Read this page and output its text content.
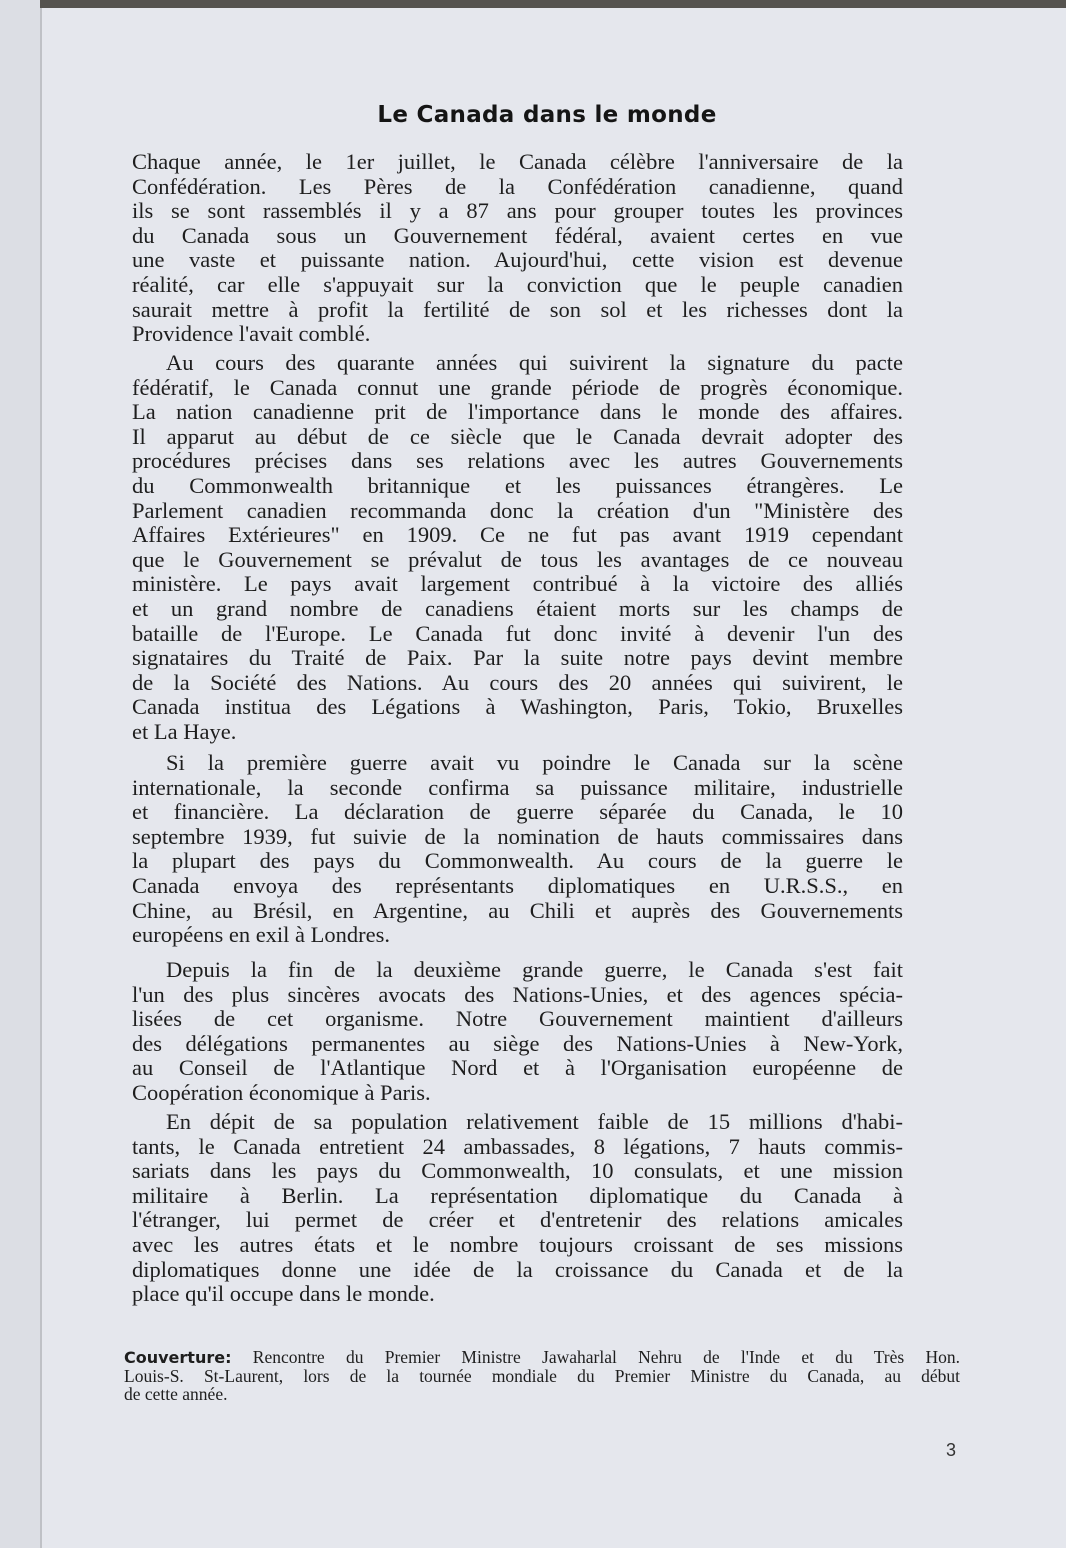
Le Canada dans le monde
Chaque année, le 1er juillet, le Canada célèbre l'anniversaire de la
Confédération. Les Pères de la Confédération canadienne, quand
ils se sont rassemblés il y a 87 ans pour grouper toutes les provinces
du Canada sous un Gouvernement fédéral, avaient certes en vue
une vaste et puissante nation. Aujourd'hui, cette vision est devenue
réalité, car elle s'appuyait sur la conviction que le peuple canadien
saurait mettre à profit la fertilité de son sol et les richesses dont la
Providence l'avait comblé.
Au cours des quarante années qui suivirent la signature du pacte
fédératif, le Canada connut une grande période de progrès économique.
La nation canadienne prit de l'importance dans le monde des affaires.
Il apparut au début de ce siècle que le Canada devrait adopter des
procédures précises dans ses relations avec les autres Gouvernements
du Commonwealth britannique et les puissances étrangères. Le
Parlement canadien recommanda donc la création d'un "Ministère des
Affaires Extérieures" en 1909. Ce ne fut pas avant 1919 cependant
que le Gouvernement se prévalut de tous les avantages de ce nouveau
ministère. Le pays avait largement contribué à la victoire des alliés
et un grand nombre de canadiens étaient morts sur les champs de
bataille de l'Europe. Le Canada fut donc invité à devenir l'un des
signataires du Traité de Paix. Par la suite notre pays devint membre
de la Société des Nations. Au cours des 20 années qui suivirent, le
Canada institua des Légations à Washington, Paris, Tokio, Bruxelles
et La Haye.
Si la première guerre avait vu poindre le Canada sur la scène
internationale, la seconde confirma sa puissance militaire, industrielle
et financière. La déclaration de guerre séparée du Canada, le 10
septembre 1939, fut suivie de la nomination de hauts commissaires dans
la plupart des pays du Commonwealth. Au cours de la guerre le
Canada envoya des représentants diplomatiques en U.R.S.S., en
Chine, au Brésil, en Argentine, au Chili et auprès des Gouvernements
européens en exil à Londres.
Depuis la fin de la deuxième grande guerre, le Canada s'est fait
l'un des plus sincères avocats des Nations-Unies, et des agences spécia-
lisées de cet organisme. Notre Gouvernement maintient d'ailleurs
des délégations permanentes au siège des Nations-Unies à New-York,
au Conseil de l'Atlantique Nord et à l'Organisation européenne de
Coopération économique à Paris.
En dépit de sa population relativement faible de 15 millions d'habi-
tants, le Canada entretient 24 ambassades, 8 légations, 7 hauts commis-
sariats dans les pays du Commonwealth, 10 consulats, et une mission
militaire à Berlin. La représentation diplomatique du Canada à
l'étranger, lui permet de créer et d'entretenir des relations amicales
avec les autres états et le nombre toujours croissant de ses missions
diplomatiques donne une idée de la croissance du Canada et de la
place qu'il occupe dans le monde.
Couverture: Rencontre du Premier Ministre Jawaharlal Nehru de l'Inde et du Très Hon.
Louis-S. St-Laurent, lors de la tournée mondiale du Premier Ministre du Canada, au début
de cette année.
3
